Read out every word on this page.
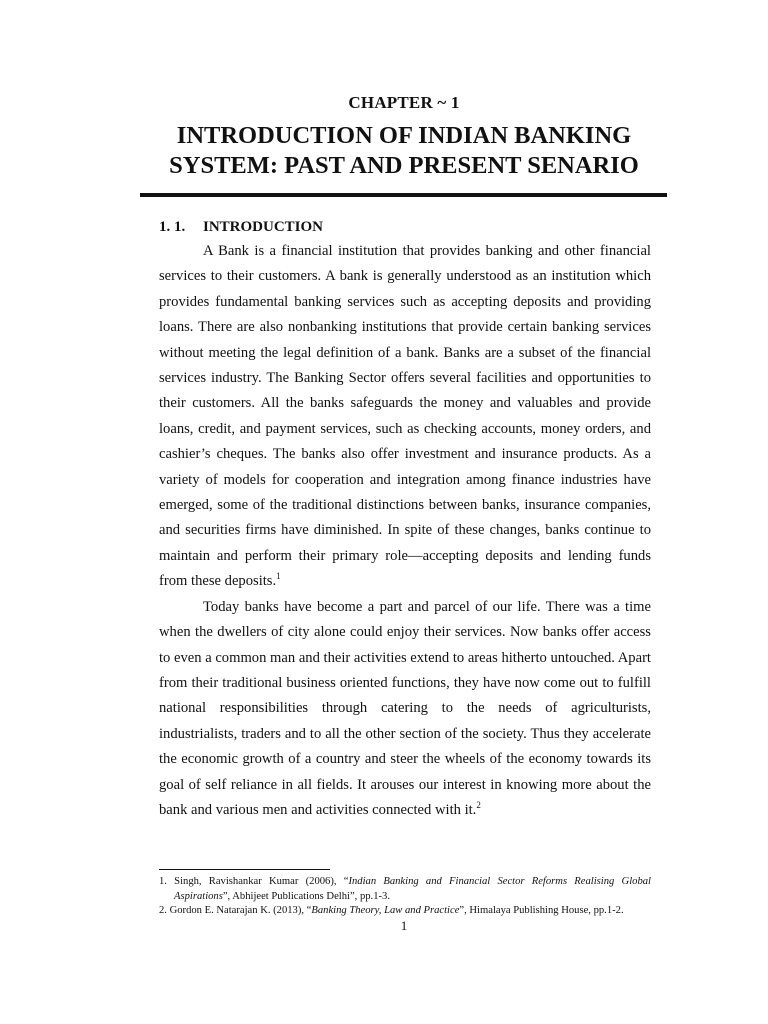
CHAPTER ~ 1
INTRODUCTION OF INDIAN BANKING SYSTEM: PAST AND PRESENT SENARIO
1. 1. INTRODUCTION

A Bank is a financial institution that provides banking and other financial services to their customers. A bank is generally understood as an institution which provides fundamental banking services such as accepting deposits and providing loans. There are also nonbanking institutions that provide certain banking services without meeting the legal definition of a bank. Banks are a subset of the financial services industry. The Banking Sector offers several facilities and opportunities to their customers. All the banks safeguards the money and valuables and provide loans, credit, and payment services, such as checking accounts, money orders, and cashier’s cheques. The banks also offer investment and insurance products. As a variety of models for cooperation and integration among finance industries have emerged, some of the traditional distinctions between banks, insurance companies, and securities firms have diminished. In spite of these changes, banks continue to maintain and perform their primary role—accepting deposits and lending funds from these deposits.$^1$

Today banks have become a part and parcel of our life. There was a time when the dwellers of city alone could enjoy their services. Now banks offer access to even a common man and their activities extend to areas hitherto untouched. Apart from their traditional business oriented functions, they have now come out to fulfill national responsibilities through catering to the needs of agriculturists, industrialists, traders and to all the other section of the society. Thus they accelerate the economic growth of a country and steer the wheels of the economy towards its goal of self reliance in all fields. It arouses our interest in knowing more about the bank and various men and activities connected with it.$^2$

1. Singh, Ravishankar Kumar (2006), “Indian Banking and Financial Sector Reforms Realising Global Aspirations”, Abhijeet Publications Delhi”, pp.1-3.
2. Gordon E. Natarajan K. (2013), “Banking Theory, Law and Practice”, Himalaya Publishing House, pp.1-2.
1
